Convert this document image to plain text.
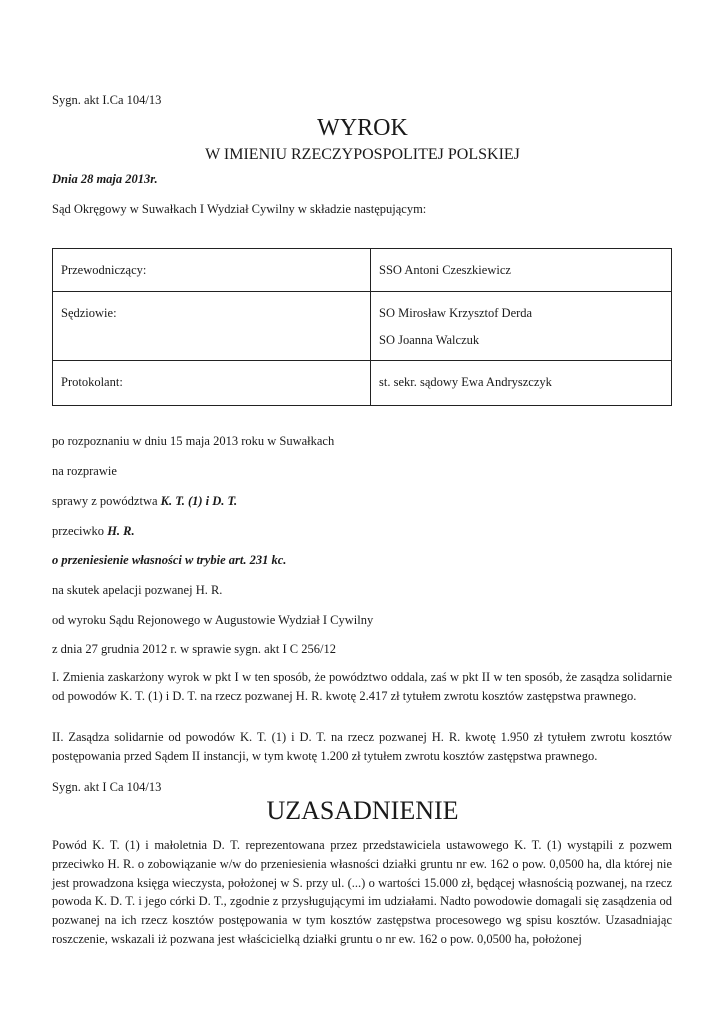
Sygn. akt I.Ca 104/13
WYROK
W IMIENIU RZECZYPOSPOLITEJ POLSKIEJ
Dnia 28 maja 2013r.
Sąd Okręgowy w Suwałkach I Wydział Cywilny w składzie następującym:
Przewodniczący:	SSO Antoni Czeszkiewicz

Sędziowie:	SO Mirosław Krzysztof Derda
SO Joanna Walczuk

Protokolant:	st. sekr. sądowy Ewa Andryszczyk
po rozpoznaniu w dniu 15 maja 2013 roku w Suwałkach
na rozprawie
sprawy z powództwa K. T. (1) i D. T.
przeciwko H. R.
o przeniesienie własności w trybie art. 231 kc.
na skutek apelacji pozwanej H. R.
od wyroku Sądu Rejonowego w Augustowie Wydział I Cywilny
z dnia 27 grudnia 2012 r. w sprawie sygn. akt I C 256/12
I. Zmienia zaskarżony wyrok w pkt I w ten sposób, że powództwo oddala, zaś w pkt II w ten sposób, że zasądza solidarnie od powodów K. T. (1) i D. T. na rzecz pozwanej H. R. kwotę 2.417 zł tytułem zwrotu kosztów zastępstwa prawnego.
II. Zasądza solidarnie od powodów K. T. (1) i D. T. na rzecz pozwanej H. R. kwotę 1.950 zł tytułem zwrotu kosztów postępowania przed Sądem II instancji, w tym kwotę 1.200 zł tytułem zwrotu kosztów zastępstwa prawnego.
Sygn. akt I Ca 104/13
UZASADNIENIE
Powód K. T. (1) i małoletnia D. T. reprezentowana przez przedstawiciela ustawowego K. T. (1) wystąpili z pozwem przeciwko H. R. o zobowiązanie w/w do przeniesienia własności działki gruntu nr ew. 162 o pow. 0,0500 ha, dla której nie jest prowadzona księga wieczysta, położonej w S. przy ul. (...) o wartości 15.000 zł, będącej własnością pozwanej, na rzecz powoda K. D. T. i jego córki D. T., zgodnie z przysługującymi im udziałami. Nadto powodowie domagali się zasądzenia od pozwanej na ich rzecz kosztów postępowania w tym kosztów zastępstwa procesowego wg spisu kosztów. Uzasadniając roszczenie, wskazali iż pozwana jest właścicielką działki gruntu o nr ew. 162 o pow. 0,0500 ha, położonej
